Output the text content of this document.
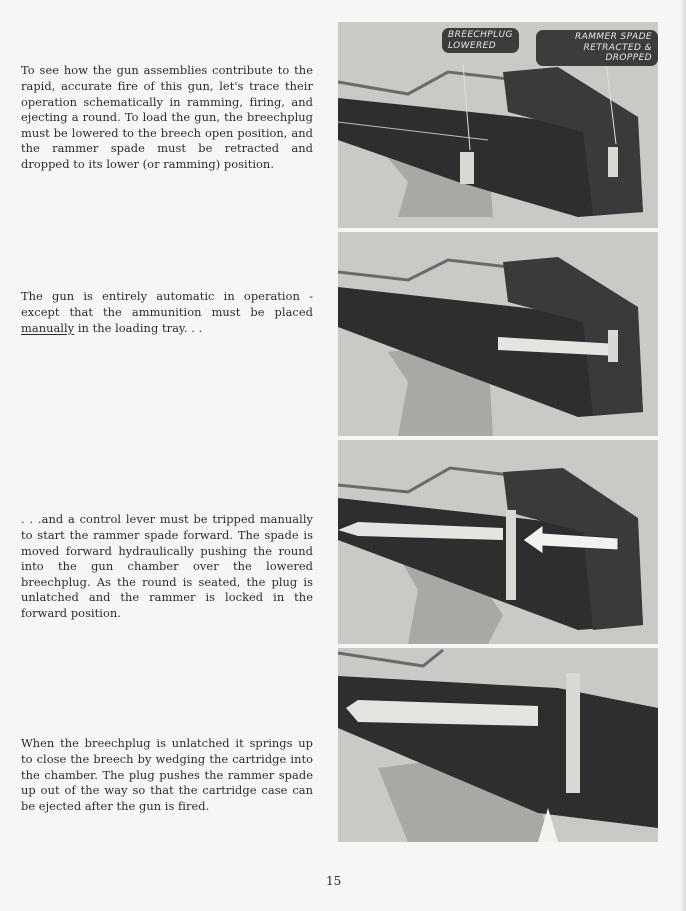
To see how the gun assemblies contribute to the rapid, accurate fire of this gun, let's trace their operation schematically in ramming, firing, and ejecting a round. To load the gun, the breechplug must be lowered to the breech open position, and the rammer spade must be retracted and dropped to its lower (or ramming) position.

The gun is entirely automatic in operation - except that the ammunition must be placed manually in the loading tray. . .

. . .and a control lever must be tripped manually to start the rammer spade forward. The spade is moved forward hydraulically pushing the round into the gun chamber over the lowered breechplug. As the round is seated, the plug is unlatched and the rammer is locked in the forward position.

When the breechplug is unlatched it springs up to close the breech by wedging the cartridge into the chamber. The plug pushes the rammer spade up out of the way so that the cartridge case can be ejected after the gun is fired.

BREECHPLUG
LOWERED
RAMMER SPADE
RETRACTED & DROPPED
15
